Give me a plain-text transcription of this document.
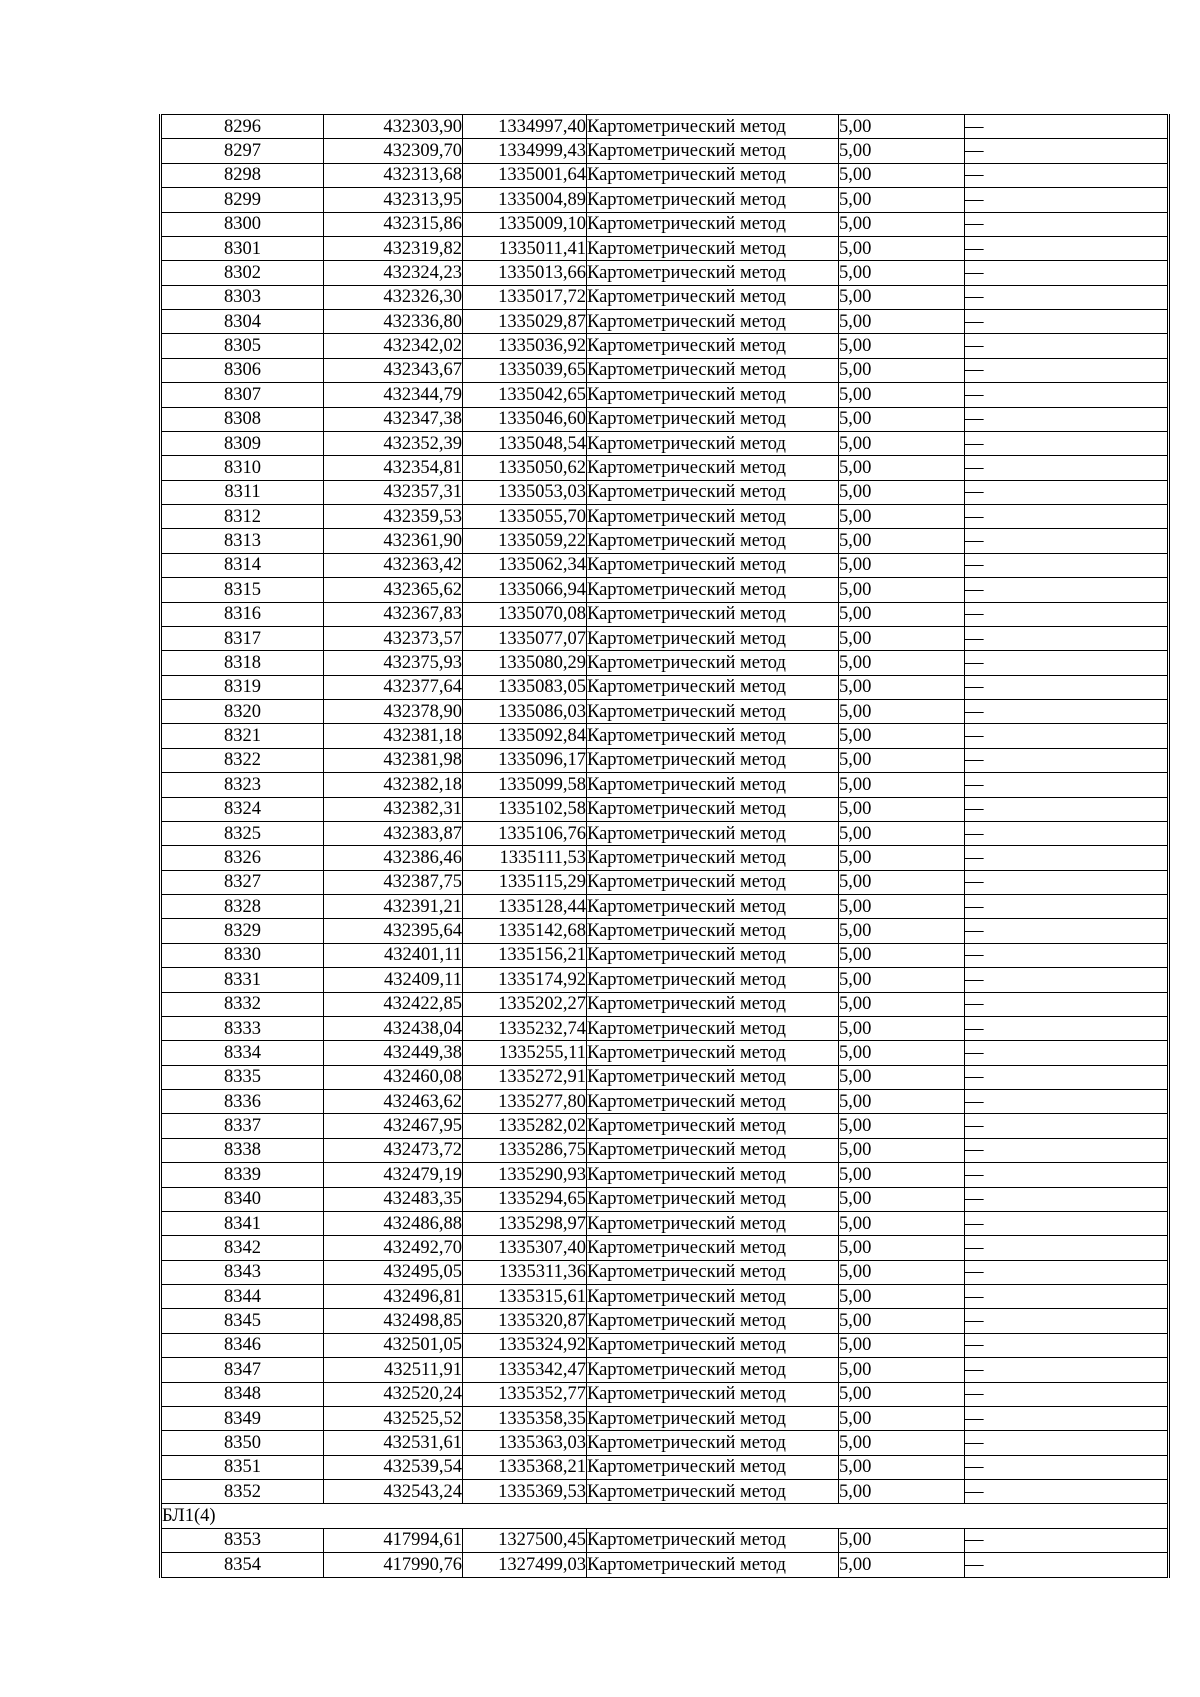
8296	432303,90	1334997,40	Картометрический метод	5,00	—
8297	432309,70	1334999,43	Картометрический метод	5,00	—
8298	432313,68	1335001,64	Картометрический метод	5,00	—
8299	432313,95	1335004,89	Картометрический метод	5,00	—
8300	432315,86	1335009,10	Картометрический метод	5,00	—
8301	432319,82	1335011,41	Картометрический метод	5,00	—
8302	432324,23	1335013,66	Картометрический метод	5,00	—
8303	432326,30	1335017,72	Картометрический метод	5,00	—
8304	432336,80	1335029,87	Картометрический метод	5,00	—
8305	432342,02	1335036,92	Картометрический метод	5,00	—
8306	432343,67	1335039,65	Картометрический метод	5,00	—
8307	432344,79	1335042,65	Картометрический метод	5,00	—
8308	432347,38	1335046,60	Картометрический метод	5,00	—
8309	432352,39	1335048,54	Картометрический метод	5,00	—
8310	432354,81	1335050,62	Картометрический метод	5,00	—
8311	432357,31	1335053,03	Картометрический метод	5,00	—
8312	432359,53	1335055,70	Картометрический метод	5,00	—
8313	432361,90	1335059,22	Картометрический метод	5,00	—
8314	432363,42	1335062,34	Картометрический метод	5,00	—
8315	432365,62	1335066,94	Картометрический метод	5,00	—
8316	432367,83	1335070,08	Картометрический метод	5,00	—
8317	432373,57	1335077,07	Картометрический метод	5,00	—
8318	432375,93	1335080,29	Картометрический метод	5,00	—
8319	432377,64	1335083,05	Картометрический метод	5,00	—
8320	432378,90	1335086,03	Картометрический метод	5,00	—
8321	432381,18	1335092,84	Картометрический метод	5,00	—
8322	432381,98	1335096,17	Картометрический метод	5,00	—
8323	432382,18	1335099,58	Картометрический метод	5,00	—
8324	432382,31	1335102,58	Картометрический метод	5,00	—
8325	432383,87	1335106,76	Картометрический метод	5,00	—
8326	432386,46	1335111,53	Картометрический метод	5,00	—
8327	432387,75	1335115,29	Картометрический метод	5,00	—
8328	432391,21	1335128,44	Картометрический метод	5,00	—
8329	432395,64	1335142,68	Картометрический метод	5,00	—
8330	432401,11	1335156,21	Картометрический метод	5,00	—
8331	432409,11	1335174,92	Картометрический метод	5,00	—
8332	432422,85	1335202,27	Картометрический метод	5,00	—
8333	432438,04	1335232,74	Картометрический метод	5,00	—
8334	432449,38	1335255,11	Картометрический метод	5,00	—
8335	432460,08	1335272,91	Картометрический метод	5,00	—
8336	432463,62	1335277,80	Картометрический метод	5,00	—
8337	432467,95	1335282,02	Картометрический метод	5,00	—
8338	432473,72	1335286,75	Картометрический метод	5,00	—
8339	432479,19	1335290,93	Картометрический метод	5,00	—
8340	432483,35	1335294,65	Картометрический метод	5,00	—
8341	432486,88	1335298,97	Картометрический метод	5,00	—
8342	432492,70	1335307,40	Картометрический метод	5,00	—
8343	432495,05	1335311,36	Картометрический метод	5,00	—
8344	432496,81	1335315,61	Картометрический метод	5,00	—
8345	432498,85	1335320,87	Картометрический метод	5,00	—
8346	432501,05	1335324,92	Картометрический метод	5,00	—
8347	432511,91	1335342,47	Картометрический метод	5,00	—
8348	432520,24	1335352,77	Картометрический метод	5,00	—
8349	432525,52	1335358,35	Картометрический метод	5,00	—
8350	432531,61	1335363,03	Картометрический метод	5,00	—
8351	432539,54	1335368,21	Картометрический метод	5,00	—
8352	432543,24	1335369,53	Картометрический метод	5,00	—
БЛ1(4)					
8353	417994,61	1327500,45	Картометрический метод	5,00	—
8354	417990,76	1327499,03	Картометрический метод	5,00	—
